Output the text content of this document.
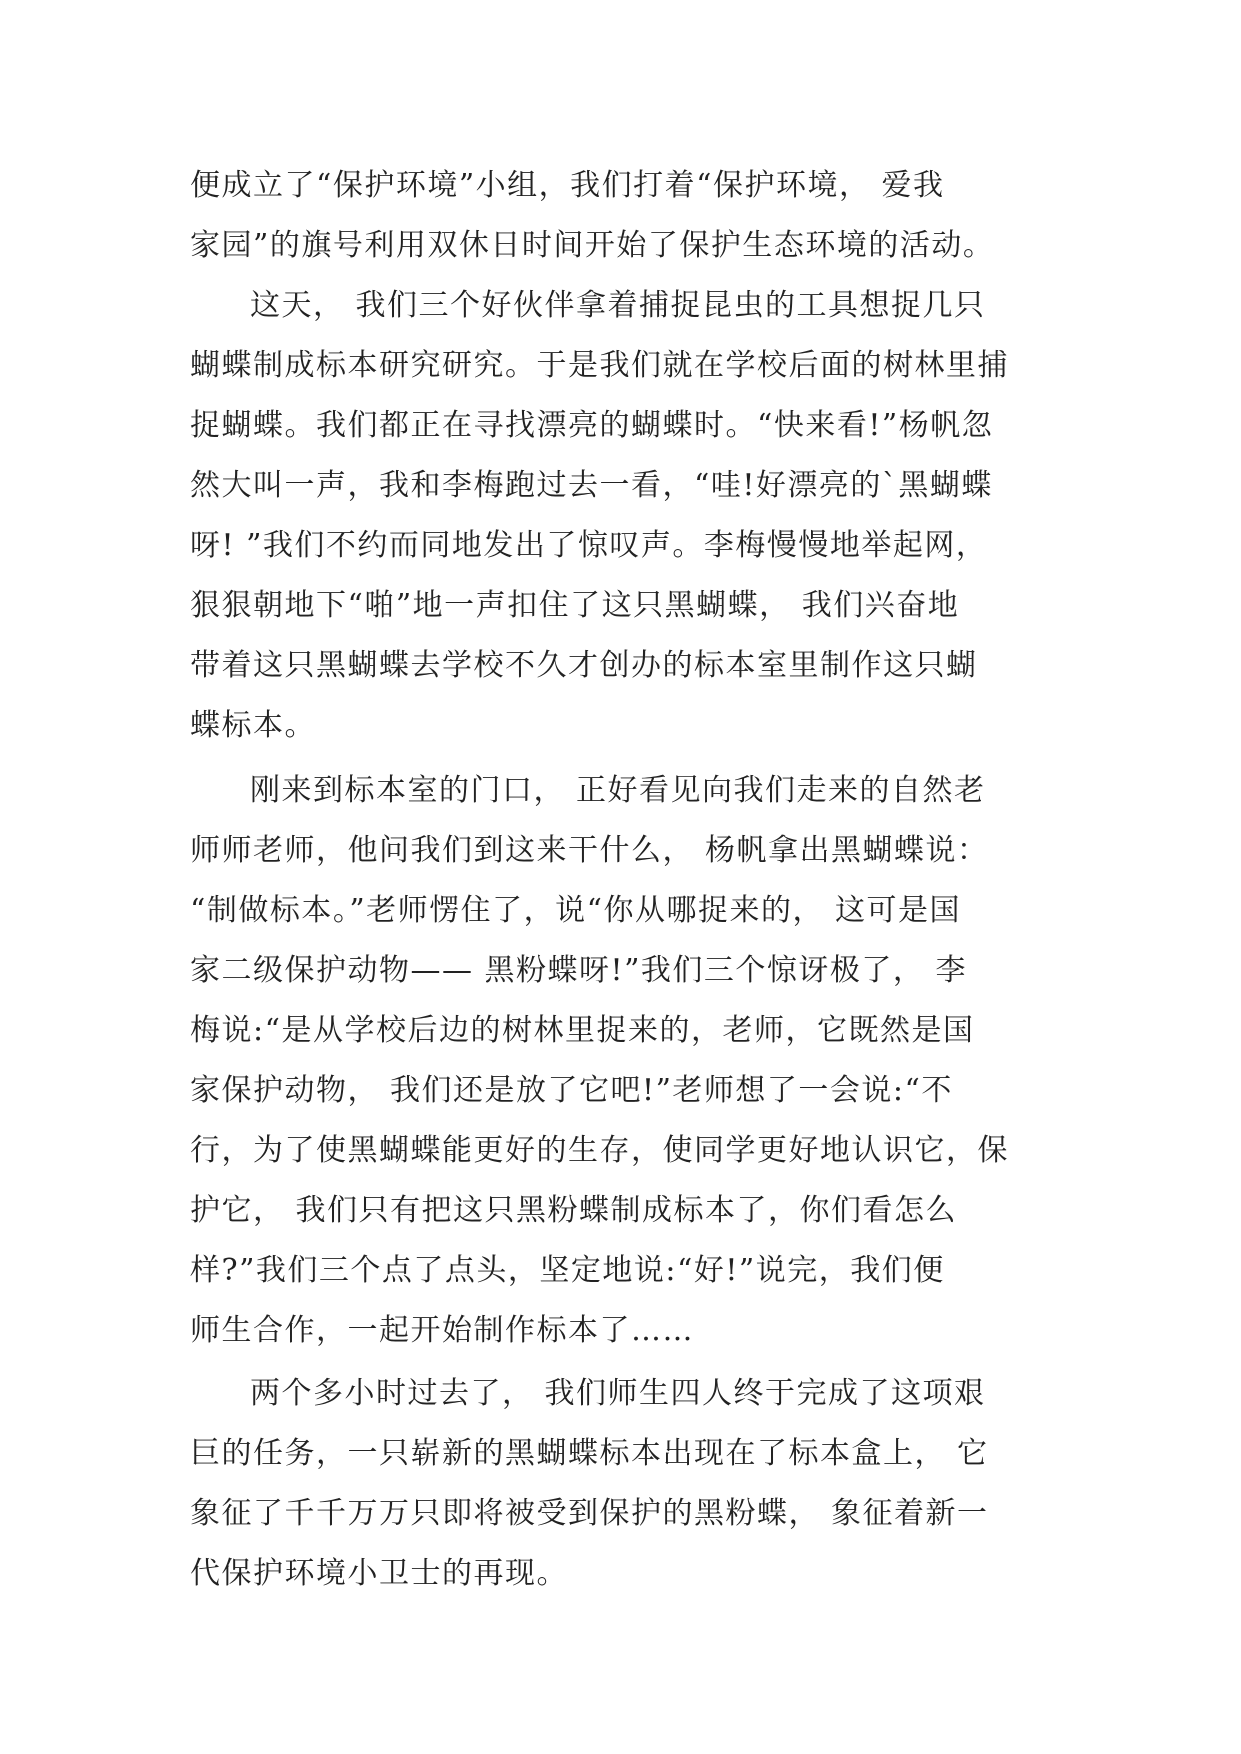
便成立了“保护环境”小组，我们打着“保护环境， 爱我
家园”的旗号利用双休日时间开始了保护生态环境的活动。
这天， 我们三个好伙伴拿着捕捉昆虫的工具想捉几只
蝴蝶制成标本研究研究。于是我们就在学校后面的树林里捕
捉蝴蝶。我们都正在寻找漂亮的蝴蝶时。“快来看!”杨帆忽
然大叫一声，我和李梅跑过去一看，“哇!好漂亮的`黑蝴蝶
呀! ”我们不约而同地发出了惊叹声。李梅慢慢地举起网，
狠狠朝地下“啪”地一声扣住了这只黑蝴蝶， 我们兴奋地
带着这只黑蝴蝶去学校不久才创办的标本室里制作这只蝴
蝶标本。
刚来到标本室的门口， 正好看见向我们走来的自然老
师师老师，他问我们到这来干什么， 杨帆拿出黑蝴蝶说：
“制做标本。”老师愣住了，说“你从哪捉来的， 这可是国
家二级保护动物—— 黑粉蝶呀!”我们三个惊讶极了， 李
梅说:“是从学校后边的树林里捉来的，老师，它既然是国
家保护动物， 我们还是放了它吧!”老师想了一会说:“不
行，为了使黑蝴蝶能更好的生存，使同学更好地认识它，保
护它， 我们只有把这只黑粉蝶制成标本了，你们看怎么
样?”我们三个点了点头，坚定地说:“好!”说完，我们便
师生合作，一起开始制作标本了……
两个多小时过去了， 我们师生四人终于完成了这项艰
巨的任务，一只崭新的黑蝴蝶标本出现在了标本盒上， 它
象征了千千万万只即将被受到保护的黑粉蝶， 象征着新一
代保护环境小卫士的再现。
